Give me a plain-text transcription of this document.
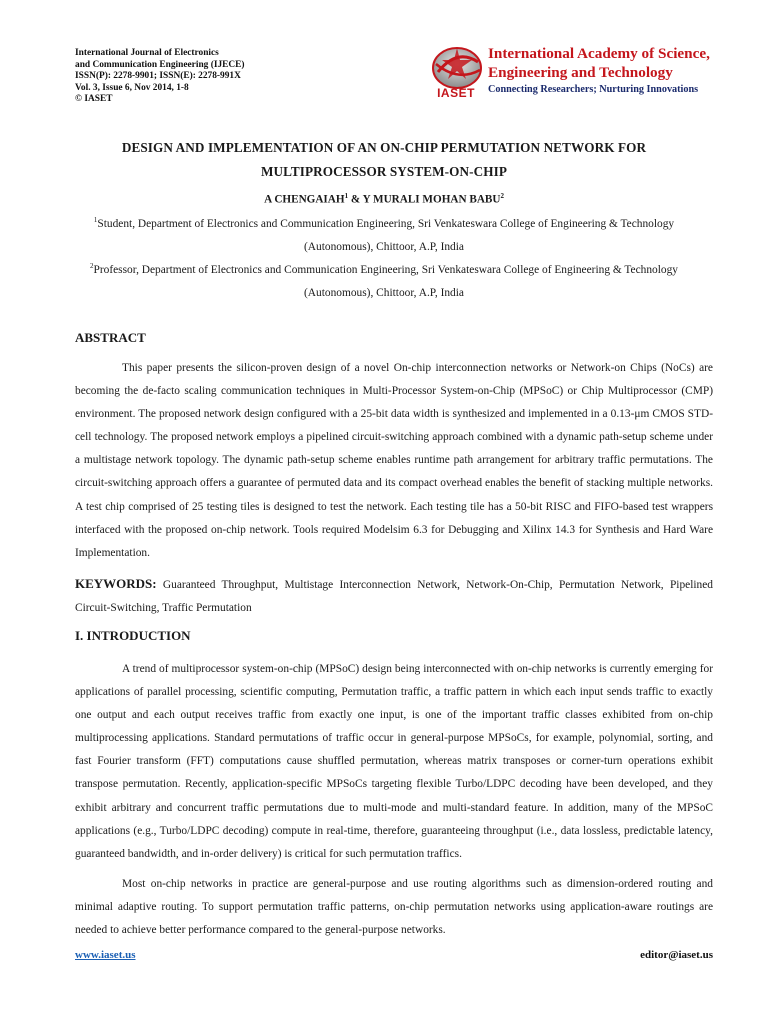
International Journal of Electronics
and Communication Engineering (IJECE)
ISSN(P): 2278-9901; ISSN(E): 2278-991X
Vol. 3, Issue 6, Nov 2014, 1-8
© IASET	IASET
International Academy of Science,
Engineering and Technology
Connecting Researchers; Nurturing Innovations
DESIGN AND IMPLEMENTATION OF AN ON-CHIP PERMUTATION NETWORK FOR MULTIPROCESSOR SYSTEM-ON-CHIP
A CHENGAIAH$^1$ & Y MURALI MOHAN BABU$^2$
$^1$Student, Department of Electronics and Communication Engineering, Sri Venkateswara College of Engineering & Technology (Autonomous), Chittoor, A.P, India
$^2$Professor, Department of Electronics and Communication Engineering, Sri Venkateswara College of Engineering & Technology (Autonomous), Chittoor, A.P, India
ABSTRACT
This paper presents the silicon-proven design of a novel On-chip interconnection networks or Network-on Chips (NoCs) are becoming the de-facto scaling communication techniques in Multi-Processor System-on-Chip (MPSoC) or Chip Multiprocessor (CMP) environment. The proposed network design configured with a 25-bit data width is synthesized and implemented in a 0.13-μm CMOS STD-cell technology. The proposed network employs a pipelined circuit-switching approach combined with a dynamic path-setup scheme under a multistage network topology. The dynamic path-setup scheme enables runtime path arrangement for arbitrary traffic permutations. The circuit-switching approach offers a guarantee of permuted data and its compact overhead enables the benefit of stacking multiple networks. A test chip comprised of 25 testing tiles is designed to test the network. Each testing tile has a 50-bit RISC and FIFO-based test wrappers interfaced with the proposed on-chip network. Tools required Modelsim 6.3 for Debugging and Xilinx 14.3 for Synthesis and Hard Ware Implementation.
KEYWORDS: Guaranteed Throughput, Multistage Interconnection Network, Network-On-Chip, Permutation Network, Pipelined Circuit-Switching, Traffic Permutation
I. INTRODUCTION
A trend of multiprocessor system-on-chip (MPSoC) design being interconnected with on-chip networks is currently emerging for applications of parallel processing, scientific computing, Permutation traffic, a traffic pattern in which each input sends traffic to exactly one output and each output receives traffic from exactly one input, is one of the important traffic classes exhibited from on-chip multiprocessing applications. Standard permutations of traffic occur in general-purpose MPSoCs, for example, polynomial, sorting, and fast Fourier transform (FFT) computations cause shuffled permutation, whereas matrix transposes or corner-turn operations exhibit transpose permutation. Recently, application-specific MPSoCs targeting flexible Turbo/LDPC decoding have been developed, and they exhibit arbitrary and concurrent traffic permutations due to multi-mode and multi-standard feature. In addition, many of the MPSoC applications (e.g., Turbo/LDPC decoding) compute in real-time, therefore, guaranteeing throughput (i.e., data lossless, predictable latency, guaranteed bandwidth, and in-order delivery) is critical for such permutation traffics.
Most on-chip networks in practice are general-purpose and use routing algorithms such as dimension-ordered routing and minimal adaptive routing. To support permutation traffic patterns, on-chip permutation networks using application-aware routings are needed to achieve better performance compared to the general-purpose networks.
www.iaset.us	editor@iaset.us
